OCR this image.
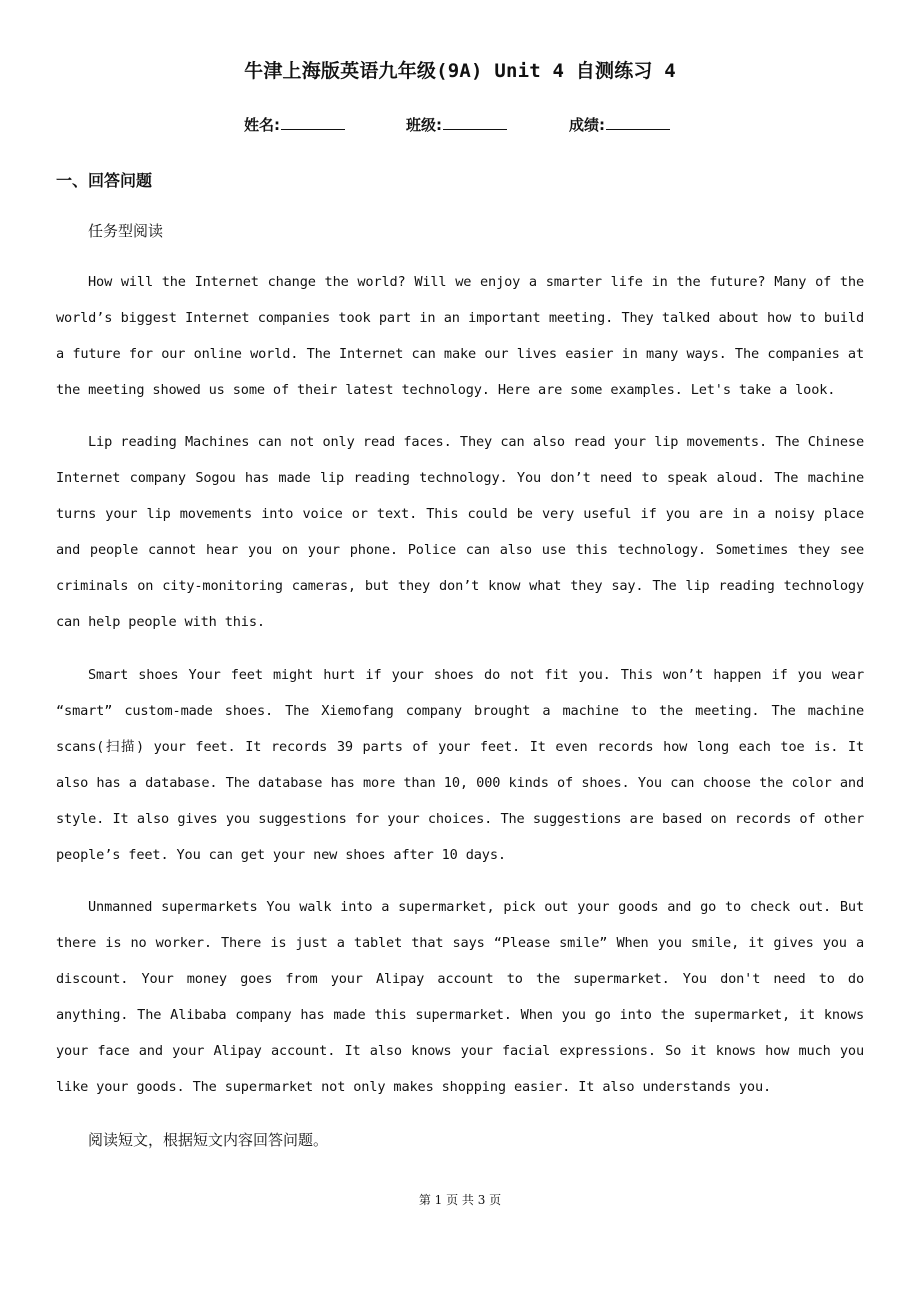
牛津上海版英语九年级(9A) Unit 4 自测练习 4
姓名:	班级:	成绩:
一、回答问题
任务型阅读

How will the Internet change the world? Will we enjoy a smarter life in the future? Many of the world’s biggest Internet companies took part in an important meeting. They talked about how to build a future for our online world. The Internet can make our lives easier in many ways. The companies at the meeting showed us some of their latest technology. Here are some examples. Let's take a look.

Lip reading Machines can not only read faces. They can also read your lip movements. The Chinese Internet company Sogou has made lip reading technology. You don’t need to speak aloud. The machine turns your lip movements into voice or text. This could be very useful if you are in a noisy place and people cannot hear you on your phone. Police can also use this technology. Sometimes they see criminals on city-monitoring cameras, but they don’t know what they say. The lip reading technology can help people with this.

Smart shoes Your feet might hurt if your shoes do not fit you. This won’t happen if you wear “smart” custom-made shoes. The Xiemofang company brought a machine to the meeting. The machine scans(扫描) your feet. It records 39 parts of your feet. It even records how long each toe is. It also has a database. The database has more than 10, 000 kinds of shoes. You can choose the color and style. It also gives you suggestions for your choices. The suggestions are based on records of other people’s feet. You can get your new shoes after 10 days.

Unmanned supermarkets You walk into a supermarket, pick out your goods and go to check out. But there is no worker. There is just a tablet that says “Please smile” When you smile, it gives you a discount. Your money goes from your Alipay account to the supermarket. You don't need to do anything. The Alibaba company has made this supermarket. When you go into the supermarket, it knows your face and your Alipay account. It also knows your facial expressions. So it knows how much you like your goods. The supermarket not only makes shopping easier. It also understands you.

阅读短文，根据短文内容回答问题。
第 1 页 共 3 页
